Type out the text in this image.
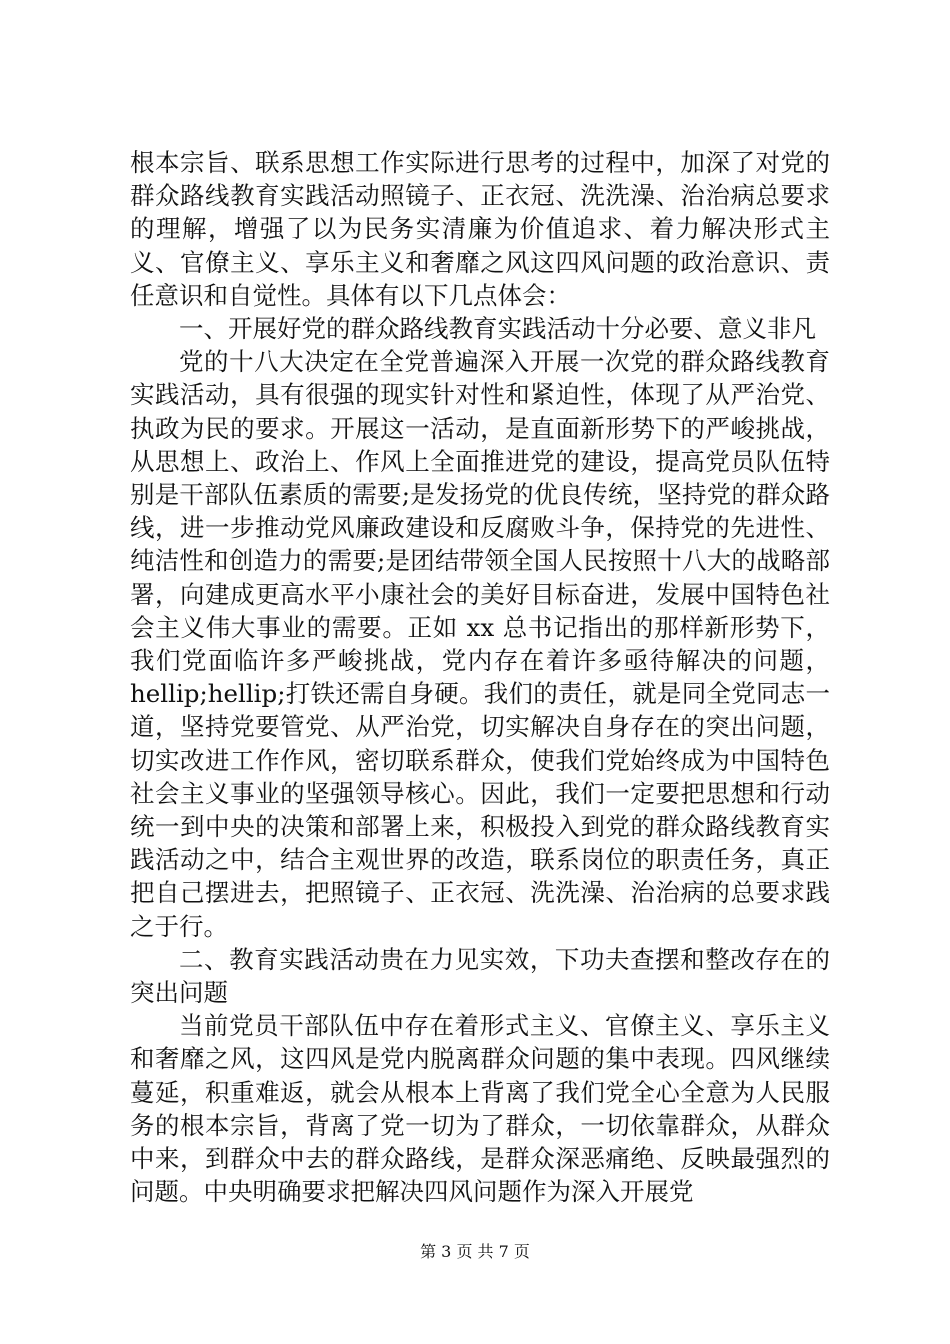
根本宗旨、联系思想工作实际进行思考的过程中，加深了对党的群众路线教育实践活动照镜子、正衣冠、洗洗澡、治治病总要求的理解，增强了以为民务实清廉为价值追求、着力解决形式主义、官僚主义、享乐主义和奢靡之风这四风问题的政治意识、责任意识和自觉性。具体有以下几点体会：

一、开展好党的群众路线教育实践活动十分必要、意义非凡

党的十八大决定在全党普遍深入开展一次党的群众路线教育实践活动，具有很强的现实针对性和紧迫性，体现了从严治党、执政为民的要求。开展这一活动，是直面新形势下的严峻挑战，从思想上、政治上、作风上全面推进党的建设，提高党员队伍特别是干部队伍素质的需要;是发扬党的优良传统，坚持党的群众路线，进一步推动党风廉政建设和反腐败斗争，保持党的先进性、纯洁性和创造力的需要;是团结带领全国人民按照十八大的战略部署，向建成更高水平小康社会的美好目标奋进，发展中国特色社会主义伟大事业的需要。正如 xx 总书记指出的那样新形势下，我们党面临许多严峻挑战，党内存在着许多亟待解决的问题，hellip;hellip;打铁还需自身硬。我们的责任，就是同全党同志一道，坚持党要管党、从严治党，切实解决自身存在的突出问题，切实改进工作作风，密切联系群众，使我们党始终成为中国特色社会主义事业的坚强领导核心。因此，我们一定要把思想和行动统一到中央的决策和部署上来，积极投入到党的群众路线教育实践活动之中，结合主观世界的改造，联系岗位的职责任务，真正把自己摆进去，把照镜子、正衣冠、洗洗澡、治治病的总要求践之于行。

二、教育实践活动贵在力见实效，下功夫查摆和整改存在的突出问题

当前党员干部队伍中存在着形式主义、官僚主义、享乐主义和奢靡之风，这四风是党内脱离群众问题的集中表现。四风继续蔓延，积重难返，就会从根本上背离了我们党全心全意为人民服务的根本宗旨，背离了党一切为了群众，一切依靠群众，从群众中来，到群众中去的群众路线，是群众深恶痛绝、反映最强烈的问题。中央明确要求把解决四风问题作为深入开展党

第 3 页 共 7 页
